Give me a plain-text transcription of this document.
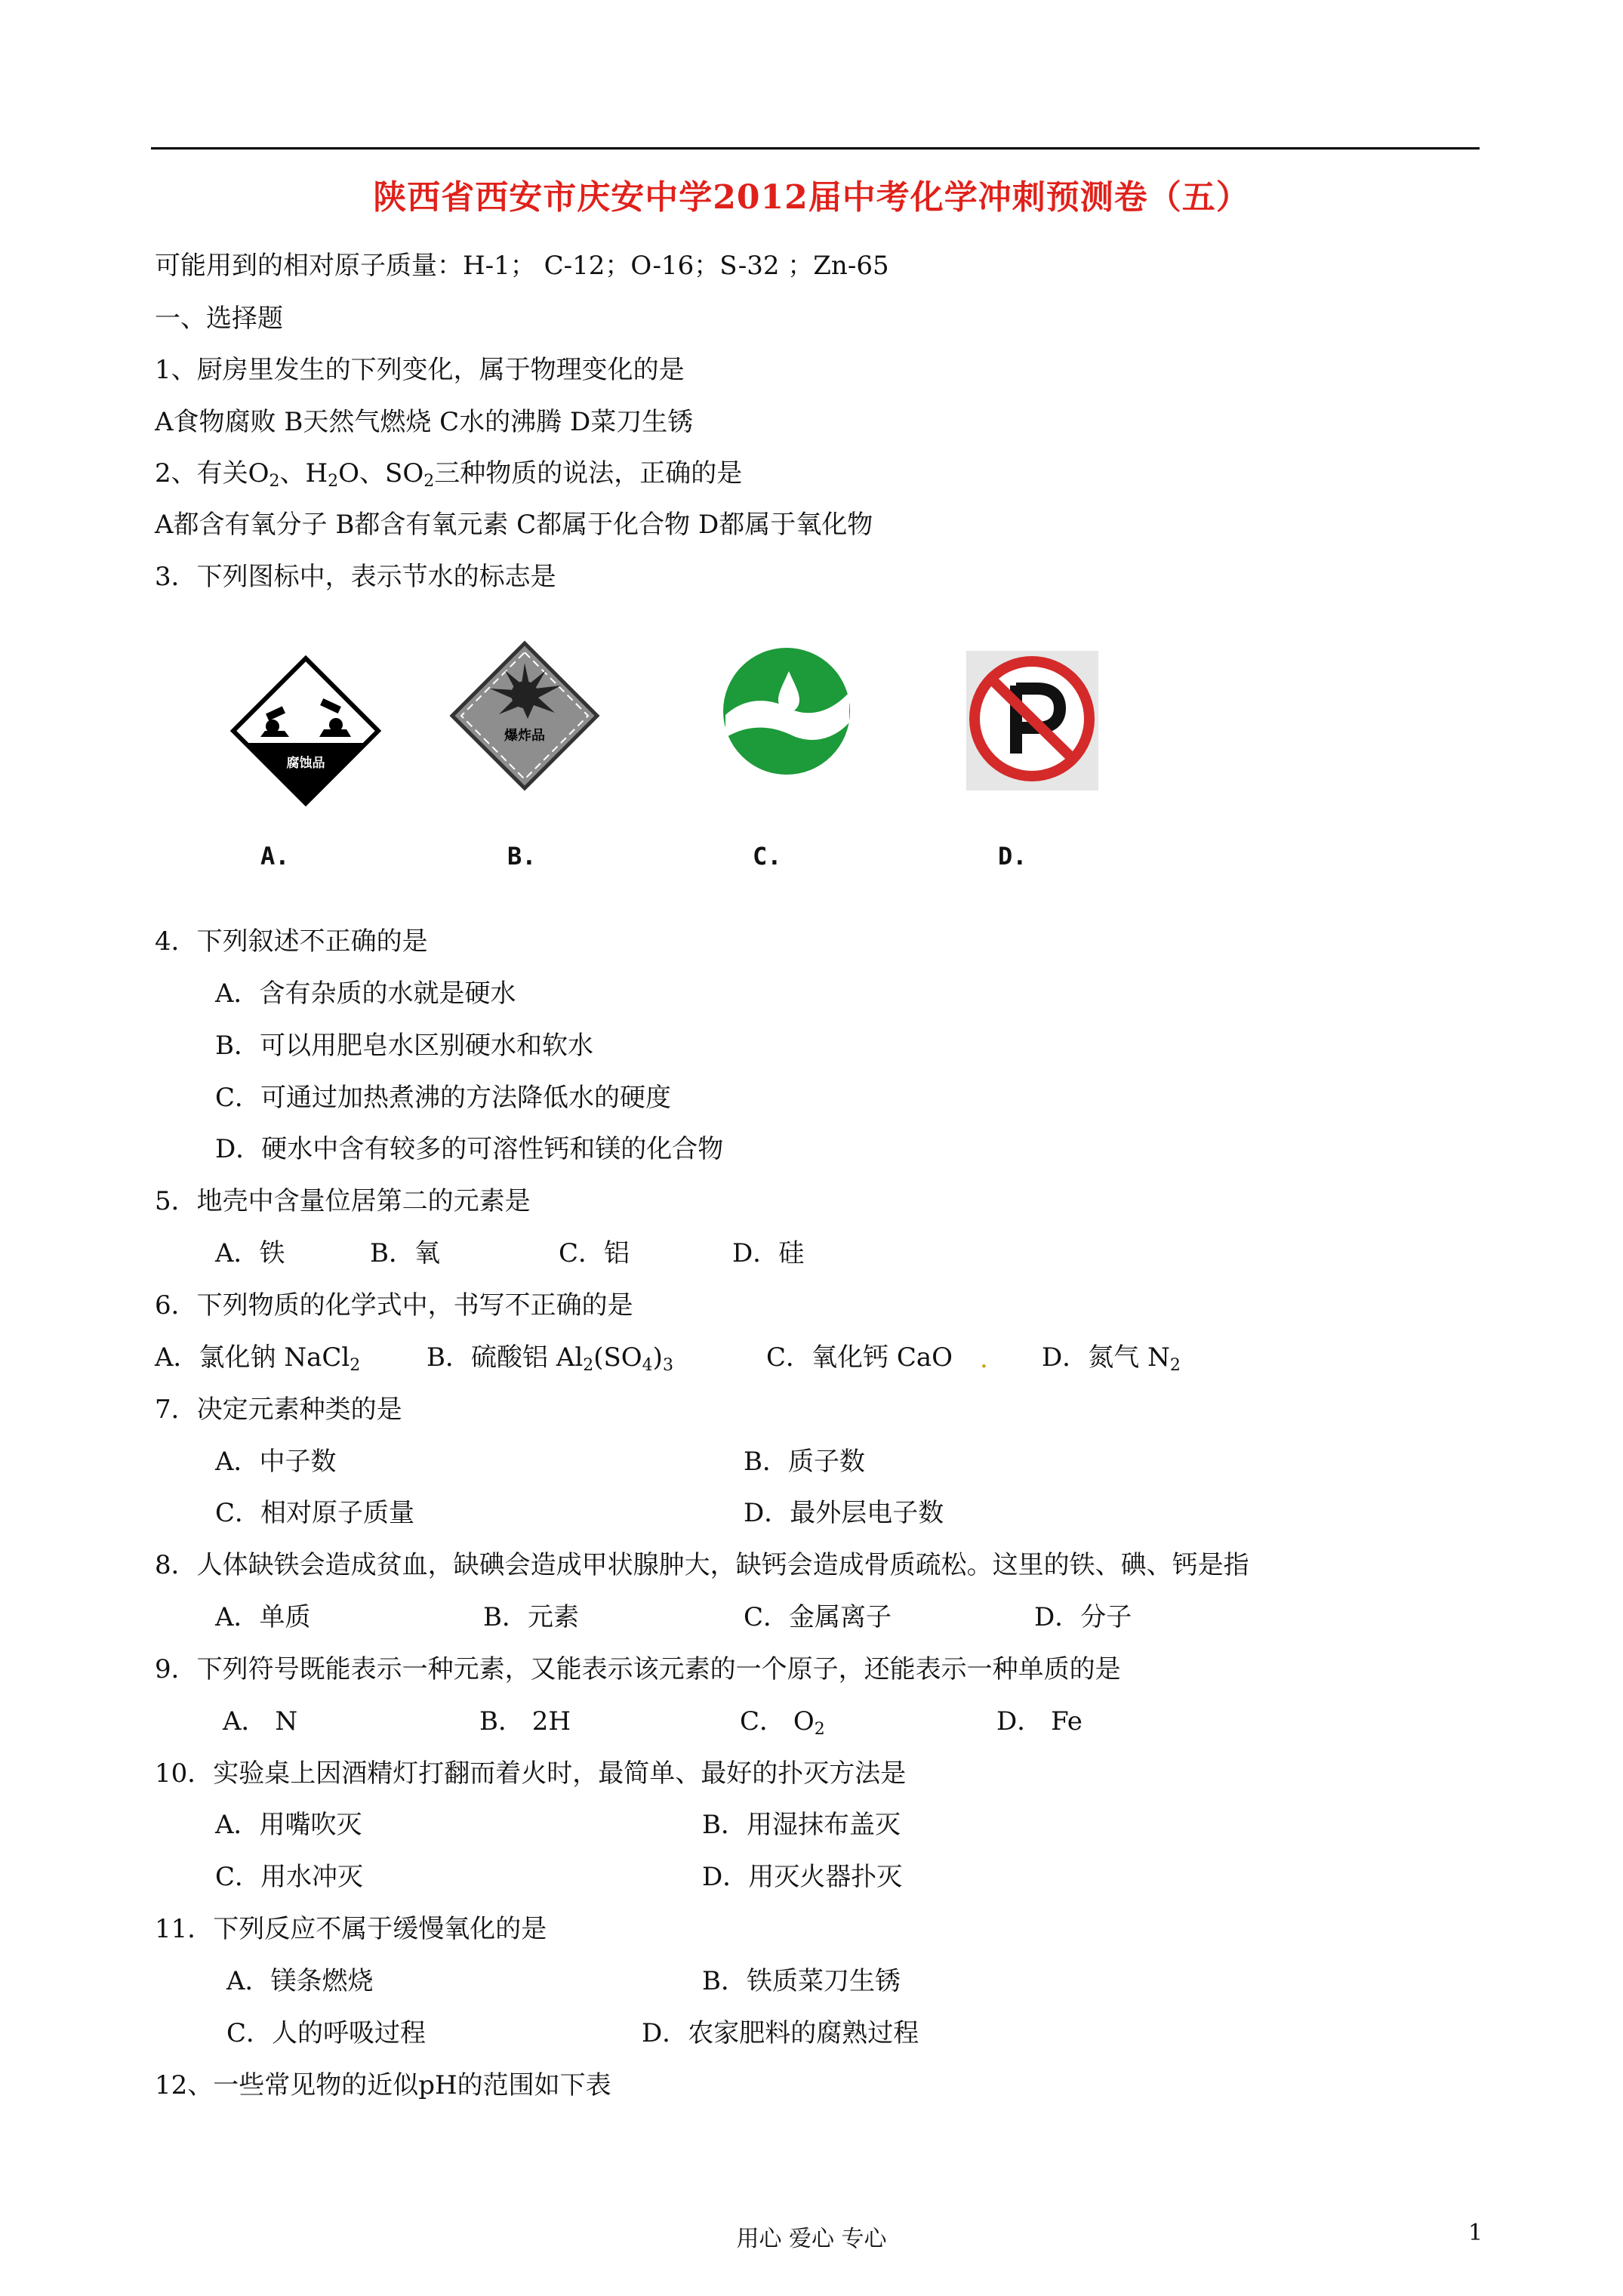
陕西省西安市庆安中学2012届中考化学冲刺预测卷（五）
可能用到的相对原子质量：H-1； C-12；O-16；S-32 ；Zn-65
一、选择题
1、厨房里发生的下列变化，属于物理变化的是
A食物腐败 B天然气燃烧 C水的沸腾 D菜刀生锈
2、有关$O_2$、$H_2O$、$SO_2$三种物质的说法，正确的是
A都含有氧分子 B都含有氧元素 C都属于化合物 D都属于氧化物
3．下列图标中，表示节水的标志是
腐蚀品
爆炸品
A.	B.	C.	D.
4．下列叙述不正确的是
A．含有杂质的水就是硬水
B．可以用肥皂水区别硬水和软水
C．可通过加热煮沸的方法降低水的硬度
D．硬水中含有较多的可溶性钙和镁的化合物
5．地壳中含量位居第二的元素是
A．铁	B．氧	C．铝	D．硅
6．下列物质的化学式中，书写不正确的是
A．氯化钠 NaCl$_2$	B．硫酸铝 $Al_2(SO_4)_3$	C．氧化钙 CaO . D．氮气 $N_2$
7．决定元素种类的是
A．中子数	B．质子数
C．相对原子质量	D．最外层电子数
8．人体缺铁会造成贫血，缺碘会造成甲状腺肿大，缺钙会造成骨质疏松。这里的铁、碘、钙是指
A．单质	B．元素	C．金属离子	D．分子
9．下列符号既能表示一种元素，又能表示该元素的一个原子，还能表示一种单质的是
A． N	B． 2H	C． $O_2$	D． Fe
10．实验桌上因酒精灯打翻而着火时，最简单、最好的扑灭方法是
A．用嘴吹灭	B．用湿抹布盖灭
C．用水冲灭	D．用灭火器扑灭
11．下列反应不属于缓慢氧化的是
A．镁条燃烧	B．铁质菜刀生锈
C．人的呼吸过程	D．农家肥料的腐熟过程
12、一些常见物的近似pH的范围如下表
用心 爱心 专心	1
